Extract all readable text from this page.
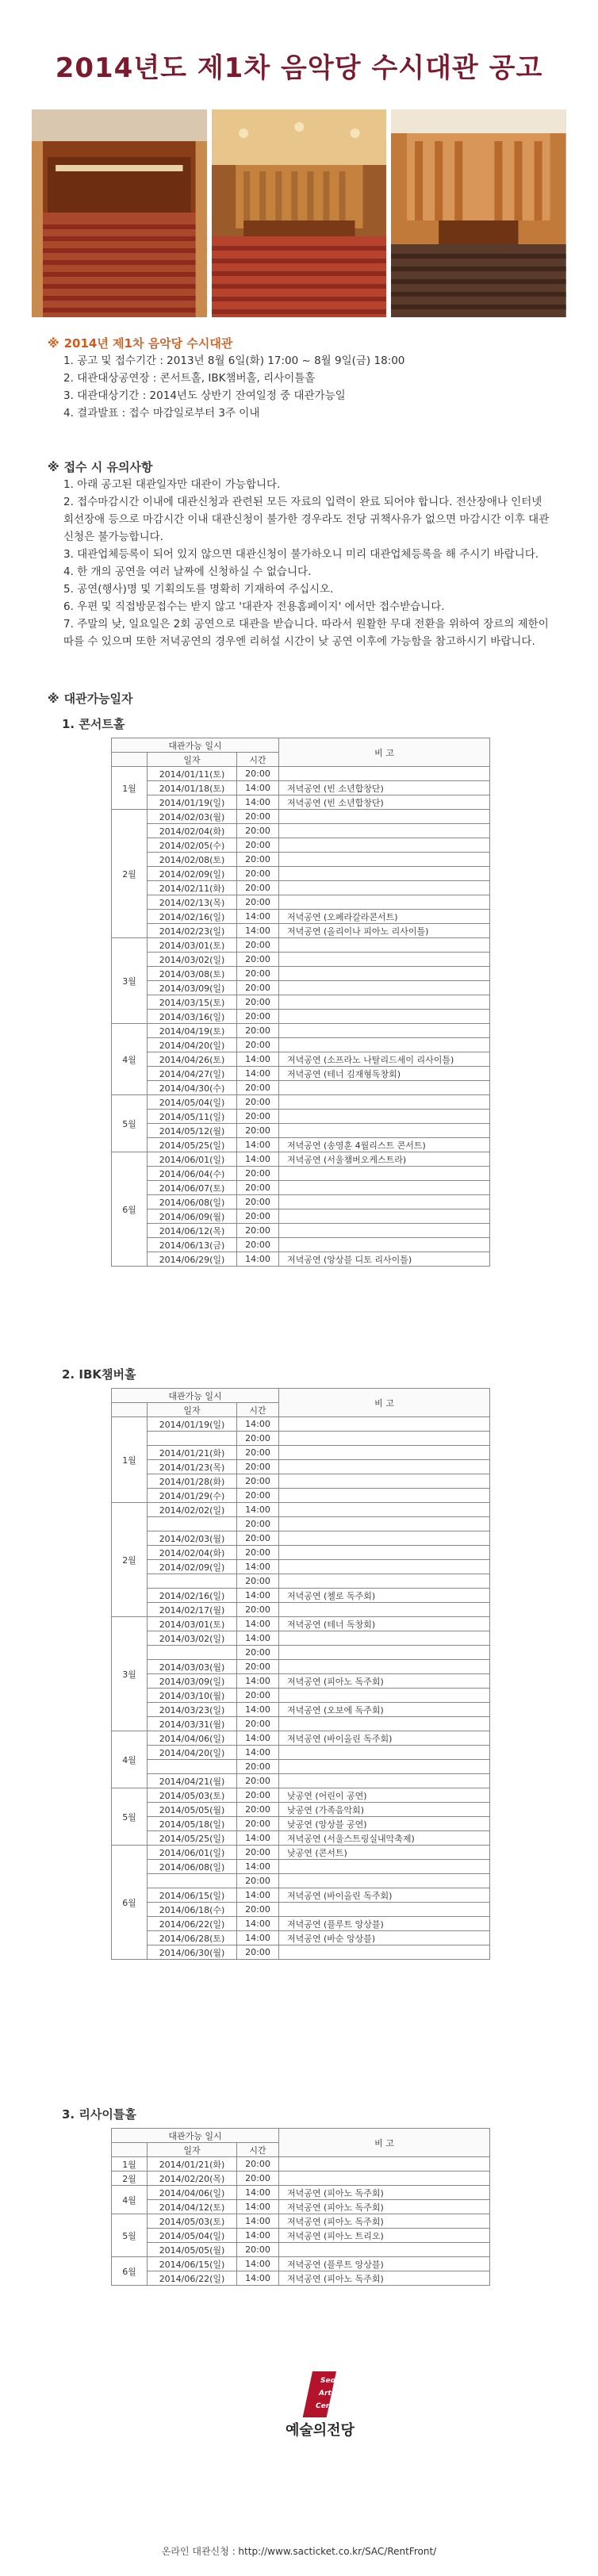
2014년도 제1차 음악당 수시대관 공고
※ 2014년 제1차 음악당 수시대관
1. 공고 및 접수기간 : 2013년 8월 6일(화) 17:00 ~ 8월 9일(금) 18:00
2. 대관대상공연장 : 콘서트홀, IBK챔버홀, 리사이틀홀
3. 대관대상기간 : 2014년도 상반기 잔여일정 중 대관가능일
4. 결과발표 : 접수 마감일로부터 3주 이내
※ 접수 시 유의사항
1. 아래 공고된 대관일자만 대관이 가능합니다.
2. 접수마감시간 이내에 대관신청과 관련된 모든 자료의 입력이 완료 되어야 합니다. 전산장애나 인터넷 회선장애 등으로 마감시간 이내 대관신청이 불가한 경우라도 전당 귀책사유가 없으면 마감시간 이후 대관신청은 불가능합니다.
3. 대관업체등록이 되어 있지 않으면 대관신청이 불가하오니 미리 대관업체등록을 해 주시기 바랍니다.
4. 한 개의 공연을 여러 날짜에 신청하실 수 없습니다.
5. 공연(행사)명 및 기획의도를 명확히 기재하여 주십시오.
6. 우편 및 직접방문접수는 받지 않고 '대관자 전용홈페이지' 에서만 접수받습니다.
7. 주말의 낮, 일요일은 2회 공연으로 대관을 받습니다. 따라서 원활한 무대 전환을 위하여 장르의 제한이 따를 수 있으며 또한 저녁공연의 경우엔 리허설 시간이 낮 공연 이후에 가능함을 참고하시기 바랍니다.
※ 대관가능일자
1. 콘서트홀
대관가능 일시			비 고
	일자	시간	
1월	2014/01/11(토)	20:00	
	2014/01/18(토)	14:00	저녁공연 (빈 소년합창단)
	2014/01/19(일)	14:00	저녁공연 (빈 소년합창단)
2월	2014/02/03(월)	20:00	
	2014/02/04(화)	20:00	
	2014/02/05(수)	20:00	
	2014/02/08(토)	20:00	
	2014/02/09(일)	20:00	
	2014/02/11(화)	20:00	
	2014/02/13(목)	20:00	
	2014/02/16(일)	14:00	저녁공연 (오페라갈라콘서트)
	2014/02/23(일)	14:00	저녁공연 (올리이나 피아노 리사이틀)
3월	2014/03/01(토)	20:00	
	2014/03/02(일)	20:00	
	2014/03/08(토)	20:00	
	2014/03/09(일)	20:00	
	2014/03/15(토)	20:00	
	2014/03/16(일)	20:00	
4월	2014/04/19(토)	20:00	
	2014/04/20(일)	20:00	
	2014/04/26(토)	14:00	저녁공연 (소프라노 나탈리드세이 리사이틀)
	2014/04/27(일)	14:00	저녁공연 (테너 김재형독창회)
	2014/04/30(수)	20:00	
5월	2014/05/04(일)	20:00	
	2014/05/11(일)	20:00	
	2014/05/12(월)	20:00	
	2014/05/25(일)	14:00	저녁공연 (송영훈 4월리스트 콘서트)
6월	2014/06/01(일)	14:00	저녁공연 (서울챔버오케스트라)
	2014/06/04(수)	20:00	
	2014/06/07(토)	20:00	
	2014/06/08(일)	20:00	
	2014/06/09(월)	20:00	
	2014/06/12(목)	20:00	
	2014/06/13(금)	20:00	
	2014/06/29(일)	14:00	저녁공연 (앙상블 디토 리사이틀)
2. IBK챔버홀
대관가능 일시			비 고
	일자	시간	
1월	2014/01/19(일)	14:00	
		20:00	
	2014/01/21(화)	20:00	
	2014/01/23(목)	20:00	
	2014/01/28(화)	20:00	
	2014/01/29(수)	20:00	
2월	2014/02/02(일)	14:00	
		20:00	
	2014/02/03(월)	20:00	
	2014/02/04(화)	20:00	
	2014/02/09(일)	14:00	
		20:00	
	2014/02/16(일)	14:00	저녁공연 (첼로 독주회)
	2014/02/17(월)	20:00	
3월	2014/03/01(토)	14:00	저녁공연 (테너 독창회)
	2014/03/02(일)	14:00	
		20:00	
	2014/03/03(월)	20:00	
	2014/03/09(일)	14:00	저녁공연 (피아노 독주회)
	2014/03/10(월)	20:00	
	2014/03/23(일)	14:00	저녁공연 (오보에 독주회)
	2014/03/31(월)	20:00	
4월	2014/04/06(일)	14:00	저녁공연 (바이올린 독주회)
	2014/04/20(일)	14:00	
		20:00	
	2014/04/21(월)	20:00	
5월	2014/05/03(토)	20:00	낮공연 (어린이 공연)
	2014/05/05(월)	20:00	낮공연 (가족음악회)
	2014/05/18(일)	20:00	낮공연 (앙상블 공연)
	2014/05/25(일)	14:00	저녁공연 (서울스트링실내악축제)
6월	2014/06/01(일)	20:00	낮공연 (콘서트)
	2014/06/08(일)	14:00	
		20:00	
	2014/06/15(일)	14:00	저녁공연 (바이올린 독주회)
	2014/06/18(수)	20:00	
	2014/06/22(일)	14:00	저녁공연 (플루트 앙상블)
	2014/06/28(토)	14:00	저녁공연 (바순 앙상블)
	2014/06/30(월)	20:00	
3. 리사이틀홀
대관가능 일시			비 고
	일자	시간	
1월	2014/01/21(화)	20:00	
2월	2014/02/20(목)	20:00	
4월	2014/04/06(일)	14:00	저녁공연 (피아노 독주회)
	2014/04/12(토)	14:00	저녁공연 (피아노 독주회)
5월	2014/05/03(토)	14:00	저녁공연 (피아노 독주회)
	2014/05/04(일)	14:00	저녁공연 (피아노 트리오)
	2014/05/05(월)	20:00	
6월	2014/06/15(일)	14:00	저녁공연 (플루트 앙상블)
	2014/06/22(일)	14:00	저녁공연 (피아노 독주회)
Seoul
Arts
Center
예술의전당
온라인 대관신청 : http://www.sacticket.co.kr/SAC/RentFront/
